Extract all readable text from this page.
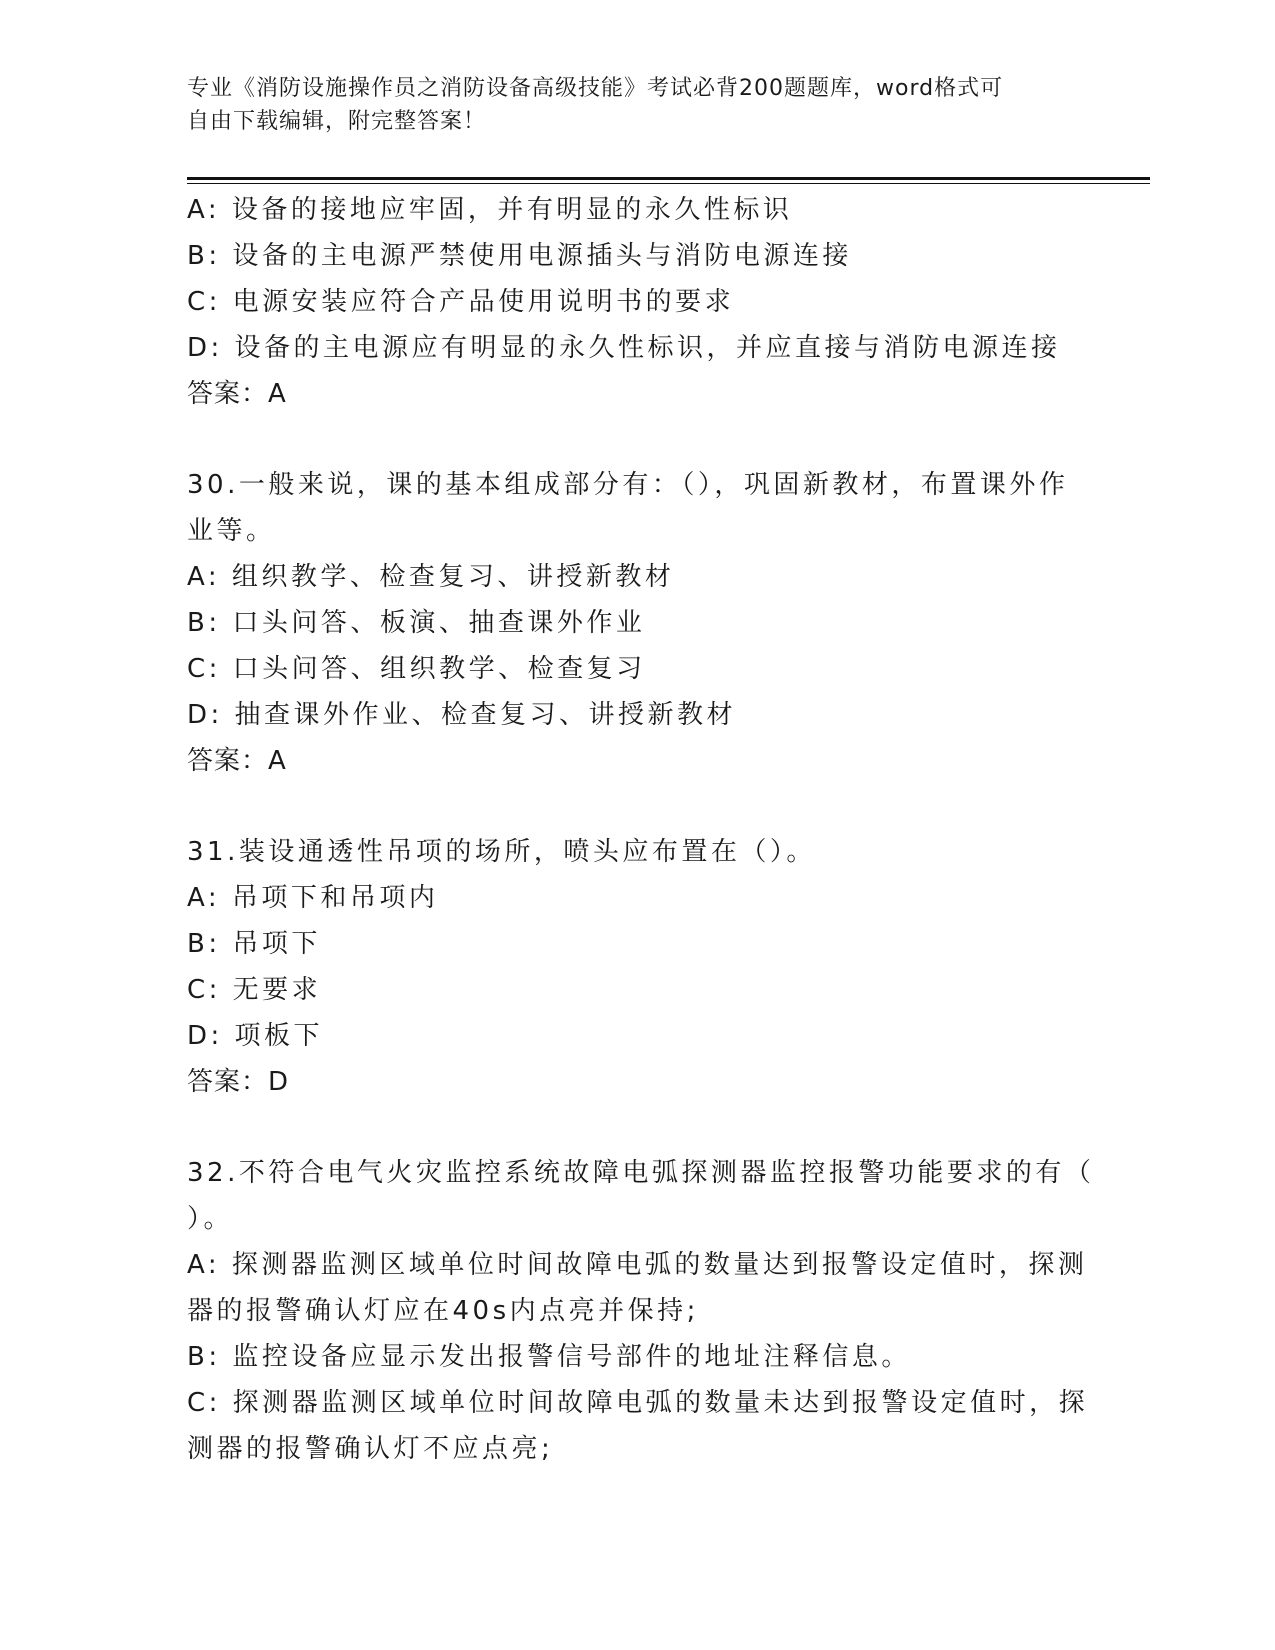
专业《消防设施操作员之消防设备高级技能》考试必背200题题库，word格式可
自由下载编辑，附完整答案！
A: 设备的接地应牢固，并有明显的永久性标识
B: 设备的主电源严禁使用电源插头与消防电源连接
C: 电源安装应符合产品使用说明书的要求
D: 设备的主电源应有明显的永久性标识，并应直接与消防电源连接
答案：A
30.一般来说，课的基本组成部分有：（），巩固新教材，布置课外作
业等。
A: 组织教学、检查复习、讲授新教材
B: 口头问答、板演、抽查课外作业
C: 口头问答、组织教学、检查复习
D: 抽查课外作业、检查复习、讲授新教材
答案：A
31.装设通透性吊项的场所，喷头应布置在（）。
A: 吊项下和吊项内
B: 吊项下
C: 无要求
D: 项板下
答案：D
32.不符合电气火灾监控系统故障电弧探测器监控报警功能要求的有（
）。
A: 探测器监测区域单位时间故障电弧的数量达到报警设定值时，探测
器的报警确认灯应在40s内点亮并保持;
B: 监控设备应显示发出报警信号部件的地址注释信息。
C: 探测器监测区域单位时间故障电弧的数量未达到报警设定值时，探
测器的报警确认灯不应点亮;
